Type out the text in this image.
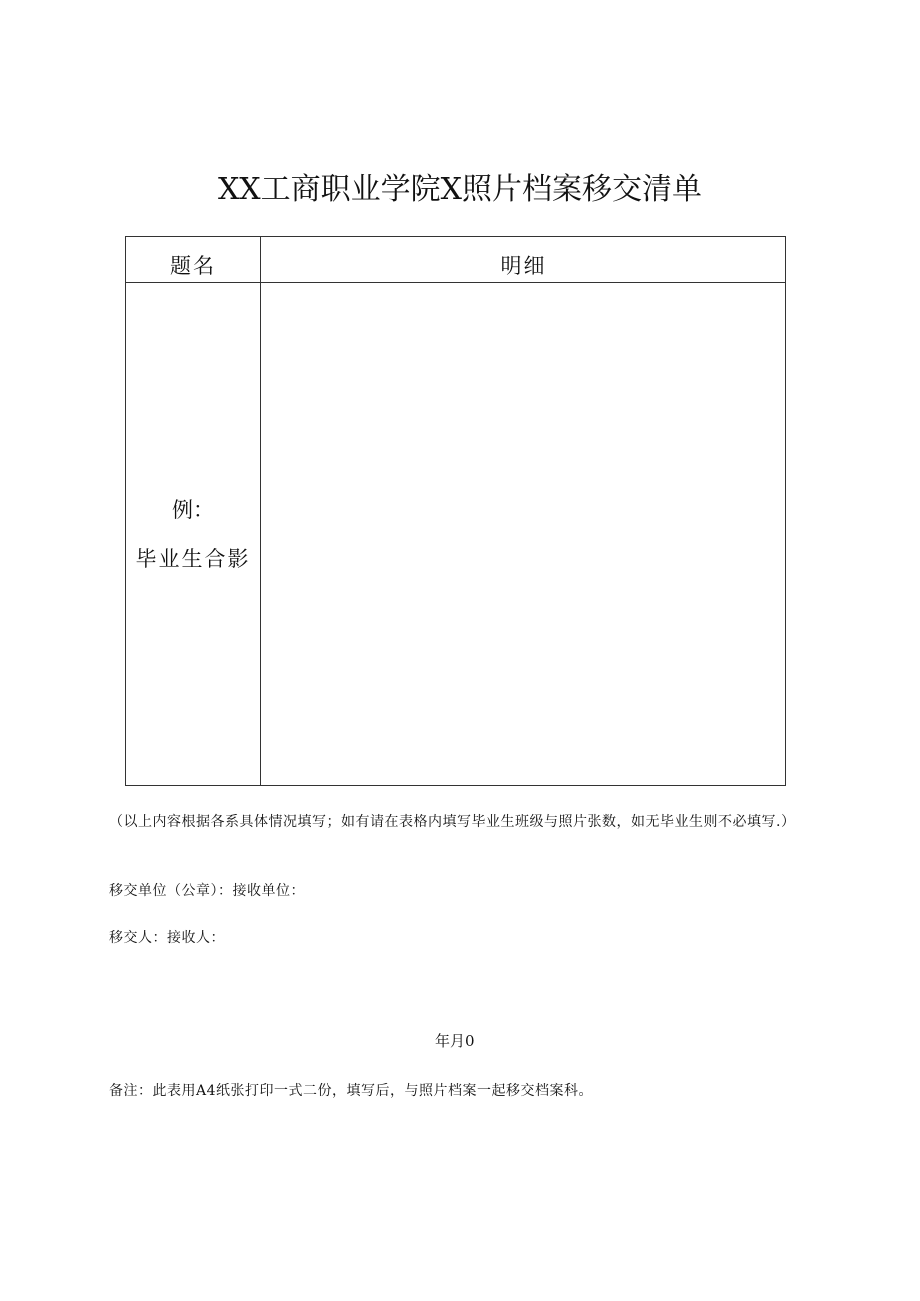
XX工商职业学院X照片档案移交清单
题名	明细
例：
毕业生合影
（以上内容根据各系具体情况填写；如有请在表格内填写毕业生班级与照片张数，如无毕业生则不必填写.）
移交单位（公章）：接收单位：
移交人：接收人：
年月0
备注：此表用A4纸张打印一式二份，填写后，与照片档案一起移交档案科。
